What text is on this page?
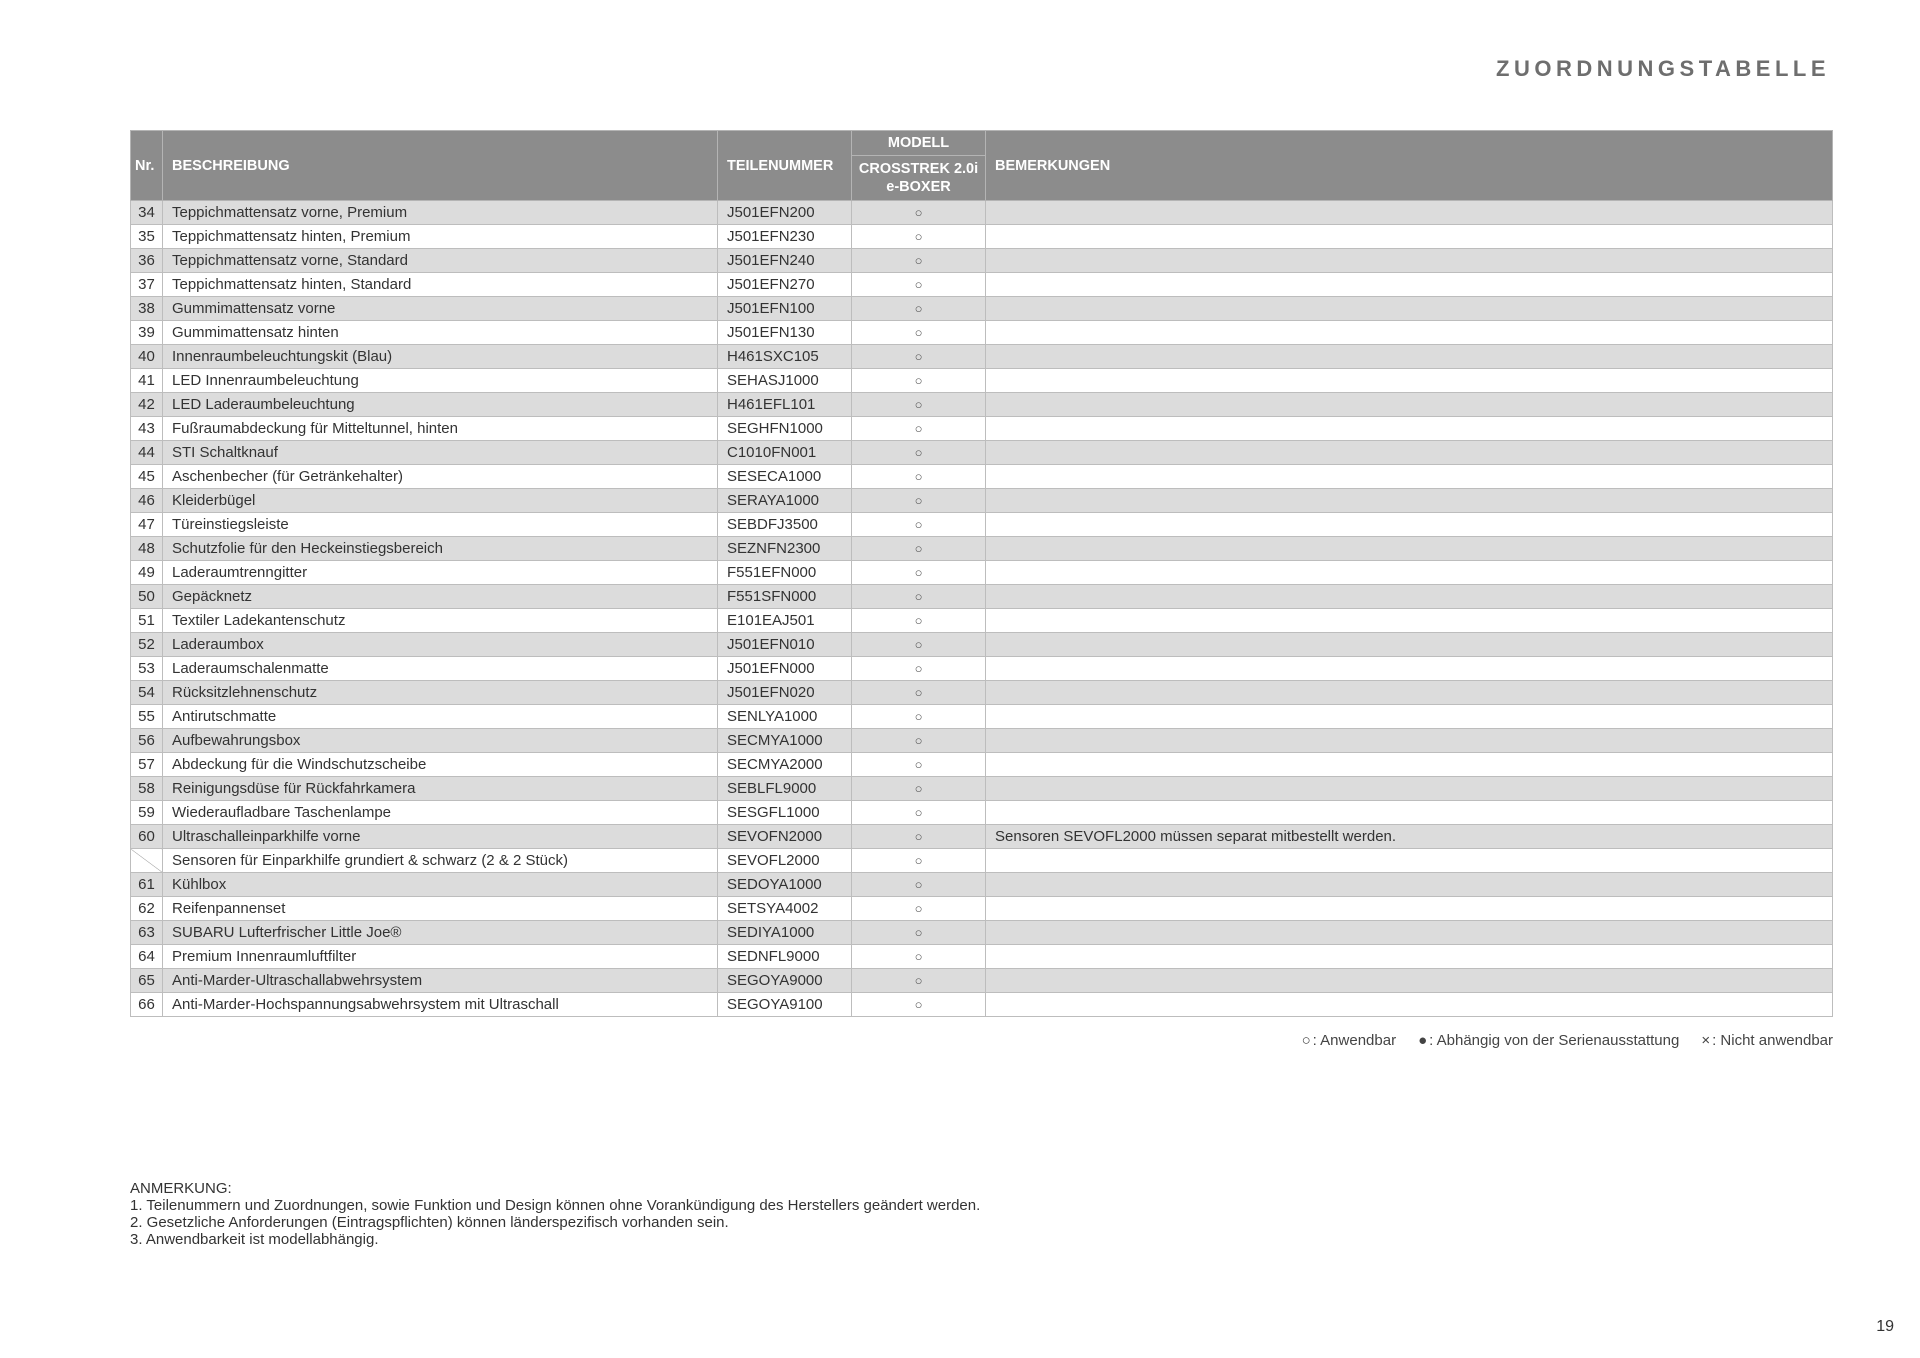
ZUORDNUNGSTABELLE
Nr.	BESCHREIBUNG	TEILENUMMER	MODELL	BEMERKUNGEN

			CROSSTREK 2.0i
e-BOXER	

34	Teppichmattensatz vorne, Premium	J501EFN200	○	
35	Teppichmattensatz hinten, Premium	J501EFN230	○	
36	Teppichmattensatz vorne, Standard	J501EFN240	○	
37	Teppichmattensatz hinten, Standard	J501EFN270	○	
38	Gummimattensatz vorne	J501EFN100	○	
39	Gummimattensatz hinten	J501EFN130	○	
40	Innenraumbeleuchtungskit (Blau)	H461SXC105	○	
41	LED Innenraumbeleuchtung	SEHASJ1000	○	
42	LED Laderaumbeleuchtung	H461EFL101	○	
43	Fußraumabdeckung für Mitteltunnel, hinten	SEGHFN1000	○	
44	STI Schaltknauf	C1010FN001	○	
45	Aschenbecher (für Getränkehalter)	SESECA1000	○	
46	Kleiderbügel	SERAYA1000	○	
47	Türeinstiegsleiste	SEBDFJ3500	○	
48	Schutzfolie für den Heckeinstiegsbereich	SEZNFN2300	○	
49	Laderaumtrenngitter	F551EFN000	○	
50	Gepäcknetz	F551SFN000	○	
51	Textiler Ladekantenschutz	E101EAJ501	○	
52	Laderaumbox	J501EFN010	○	
53	Laderaumschalenmatte	J501EFN000	○	
54	Rücksitzlehnenschutz	J501EFN020	○	
55	Antirutschmatte	SENLYA1000	○	
56	Aufbewahrungsbox	SECMYA1000	○	
57	Abdeckung für die Windschutzscheibe	SECMYA2000	○	
58	Reinigungsdüse für Rückfahrkamera	SEBLFL9000	○	
59	Wiederaufladbare Taschenlampe	SESGFL1000	○	
60	Ultraschalleinparkhilfe vorne	SEVOFN2000	○	Sensoren SEVOFL2000 müssen separat mitbestellt werden.
	Sensoren für Einparkhilfe grundiert & schwarz (2 & 2 Stück)	SEVOFL2000	○	
61	Kühlbox	SEDOYA1000	○	
62	Reifenpannenset	SETSYA4002	○	
63	SUBARU Lufterfrischer Little Joe®	SEDIYA1000	○	
64	Premium Innenraumluftfilter	SEDNFL9000	○	
65	Anti-Marder-Ultraschallabwehrsystem	SEGOYA9000	○	
66	Anti-Marder-Hochspannungsabwehrsystem mit Ultraschall	SEGOYA9100	○	
○ : Anwendbar ● : Abhängig von der Serienausstattung × : Nicht anwendbar
ANMERKUNG:
1. Teilenummern und Zuordnungen, sowie Funktion und Design können ohne Vorankündigung des Herstellers geändert werden.
2. Gesetzliche Anforderungen (Eintragspflichten) können länderspezifisch vorhanden sein.
3. Anwendbarkeit ist modellabhängig.
19
